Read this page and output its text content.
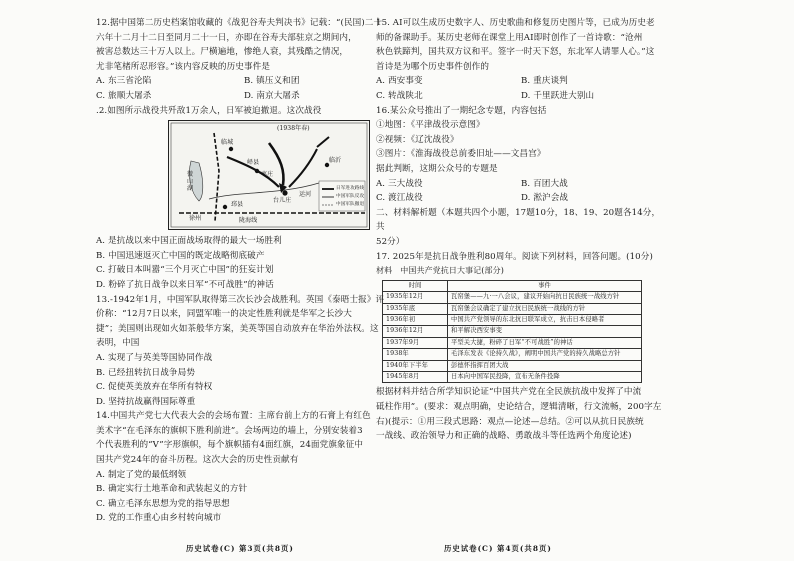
12.据中国第二历史档案馆收藏的《战犯谷寿夫判决书》记载：“(民国)二十

六年十二月十二日至同月二十一日，亦即在谷寿夫部驻京之期间内，

被害总数达三十万人以上。尸横遍地，惨绝人衰，其残酷之情况，

尤非笔楮所忍形容。”该内容反映的历史事件是

A. 东三省沦陷	B. 镇压义和团
C. 旅顺大屠杀	D. 南京大屠杀

.2.如图所示战役共歼敌1万余人，日军被迫撤退。这次战役

(1938年春)
临城
峄县
枣庄
临沂
微山湖
台儿庄
邳县
徐州	陇海线
运河
日军进攻路线
中国军队反攻
中国军队撤退

A. 是抗战以来中国正面战场取得的最大一场胜利

B. 中国迅速返灭亡中国的既定战略彻底破产

C. 打破日本叫嚣“三个月灭亡中国”的狂妄计划

D. 粉碎了抗日战争以来日军“不可战胜”的神话

13.-1942年1月，中国军队取得第三次长沙会战胜利。英国《泰晤士报》评

价称：“12月7日以来，同盟军唯一的决定性胜利就是华军之长沙大

捷”；美国则出现如火如茶般华方案，美英等国自动放弃在华治外法权。这

表明，中国

A. 实现了与英美等国协同作战

B. 已经扭转抗日战争局势

C. 促使英美放弃在华所有特权

D. 坚持抗战赢得国际尊重

14.中国共产党七大代表大会的会场布置：主席台前上方的石膏上有红色

美术字“在毛泽东的旗帜下胜利前进”。会场两边的墙上，分别安装着3

个代表胜利的“V”字形旗帜，每个旗帜插有4面红旗，24面党旗象征中

国共产党24年的奋斗历程。这次大会的历史性贡献有

A. 制定了党的最低纲领

B. 确定实行土地革命和武装起义的方针

C. 确立毛泽东思想为党的指导思想

D. 党的工作重心由乡村转向城市

历史试卷(C) 第3页(共8页)

15. AI可以生成历史数字人、历史歌曲和修复历史图片等，已成为历史老

师的备课助手。某历史老师在课堂上用AI即时创作了一首诗歌：“沧州

秋色铁蹄判，国共双方议和平。签字一时天下怒，东北军人请罪人心。”这

首诗是为哪个历史事件创作的

A. 西安事变	B. 重庆谈判
C. 转战陕北	D. 千里跃进大别山

16.某公众号推出了一期纪念专题，内容包括

①地图：《平津战役示意图》

②视频：《辽沈战役》

③图片：《淮海战役总前委旧址——文昌宫》

据此判断，这期公众号的专题是

A. 三大战役	B. 百团大战
C. 渡江战役	D. 淞沪会战

二、材料解析题（本题共四个小题，17题10分，18、19、20题各14分，共

52分）

17. 2025年是抗日战争胜利80周年。阅读下列材料，回答问题。(10分)

材料　中国共产党抗日大事记(部分)

时间	事件
1935年12月	瓦窑堡——九·一八会议，建议开始向抗日民族统一战线方针
1935年底	瓦窑堡会议确定了建立抗日民族统一战线的方针
1936年初	中国共产党领导的东北抗日联军成立，抗击日本侵略者
1936年12月	和平解决西安事变
1937年9月	平型关大捷，粉碎了日军“不可战胜”的神话
1938年	毛泽东发表《论持久战》，阐明中国共产党的持久战略总方针
1940年下半年	彭德怀指挥百团大战
1945年8月	日本向中国军民投降，宣布无条件投降

根据材料并结合所学知识论证“中国共产党在全民族抗战中发挥了中流

砥柱作用”。(要求：观点明确，史论结合，逻辑清晰，行文流畅，200字左

右)(提示：①用三段式思路：观点—论述—总结。②可以从抗日民族统

一战线、政治领导力和正确的战略、勇敢战斗等任选两个角度论述)

历史试卷(C) 第4页(共8页)
